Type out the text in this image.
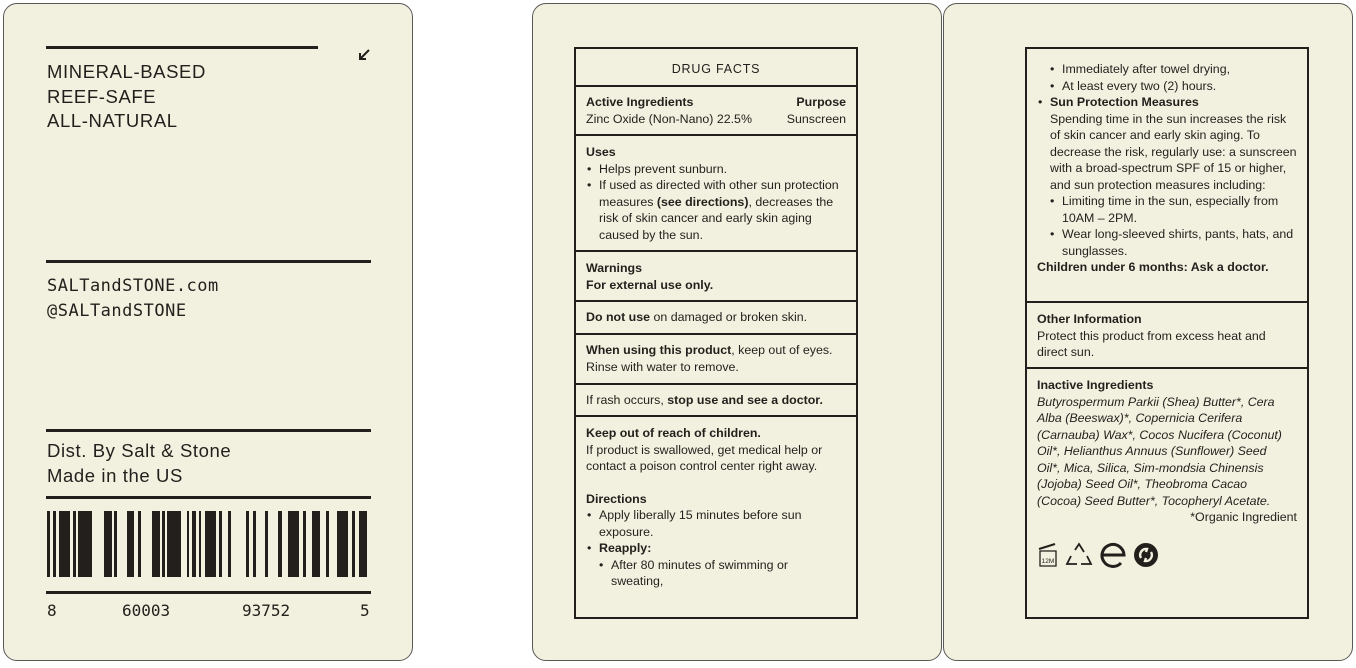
MINERAL-BASED
REEF-SAFE
ALL-NATURAL
SALTandSTONE.com
@SALTandSTONE
Dist. By Salt & Stone
Made in the US
8	60003	93752	5
DRUG FACTS
Active Ingredients	Purpose
Zinc Oxide (Non-Nano) 22.5%	Sunscreen
Uses
• Helps prevent sunburn.
• If used as directed with other sun protection measures (see directions), decreases the risk of skin cancer and early skin aging caused by the sun.
Warnings
For external use only.
Do not use on damaged or broken skin.
When using this product, keep out of eyes. Rinse with water to remove.
If rash occurs, stop use and see a doctor.
Keep out of reach of children.
If product is swallowed, get medical help or contact a poison control center right away.
Directions
• Apply liberally 15 minutes before sun exposure.
• Reapply:
• After 80 minutes of swimming or sweating,
• Immediately after towel drying,
• At least every two (2) hours.
• Sun Protection Measures
Spending time in the sun increases the risk of skin cancer and early skin aging. To decrease the risk, regularly use: a sunscreen with a broad-spectrum SPF of 15 or higher, and sun protection measures including:
• Limiting time in the sun, especially from 10AM – 2PM.
• Wear long-sleeved shirts, pants, hats, and sunglasses.
Children under 6 months: Ask a doctor.
Other Information
Protect this product from excess heat and direct sun.
Inactive Ingredients
Butyrospermum Parkii (Shea) Butter*, Cera Alba (Beeswax)*, Copernicia Cerifera (Carnauba) Wax*, Cocos Nucifera (Coconut) Oil*, Helianthus Annuus (Sunflower) Seed Oil*, Mica, Silica, Sim-mondsia Chinensis (Jojoba) Seed Oil*, Theobroma Cacao (Cocoa) Seed Butter*, Tocopheryl Acetate.
*Organic Ingredient
12M
